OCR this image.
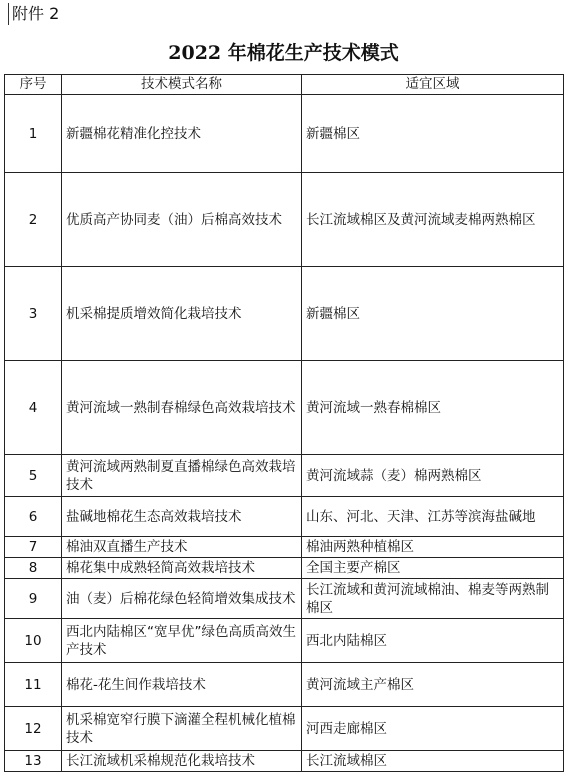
附件 2
2022 年棉花生产技术模式
序号	技术模式名称	适宜区域
1	新疆棉花精准化控技术	新疆棉区
2	优质高产协同麦（油）后棉高效技术	长江流域棉区及黄河流域麦棉两熟棉区
3	机采棉提质增效简化栽培技术	新疆棉区
4	黄河流域一熟制春棉绿色高效栽培技术	黄河流域一熟春棉棉区
5	黄河流域两熟制夏直播棉绿色高效栽培技术	黄河流域蒜（麦）棉两熟棉区
6	盐碱地棉花生态高效栽培技术	山东、河北、天津、江苏等滨海盐碱地
7	棉油双直播生产技术	棉油两熟种植棉区
8	棉花集中成熟轻简高效栽培技术	全国主要产棉区
9	油（麦）后棉花绿色轻简增效集成技术	长江流域和黄河流域棉油、棉麦等两熟制棉区
10	西北内陆棉区“宽早优”绿色高质高效生产技术	西北内陆棉区
11	棉花-花生间作栽培技术	黄河流域主产棉区
12	机采棉宽窄行膜下滴灌全程机械化植棉技术	河西走廊棉区
13	长江流域机采棉规范化栽培技术	长江流域棉区
